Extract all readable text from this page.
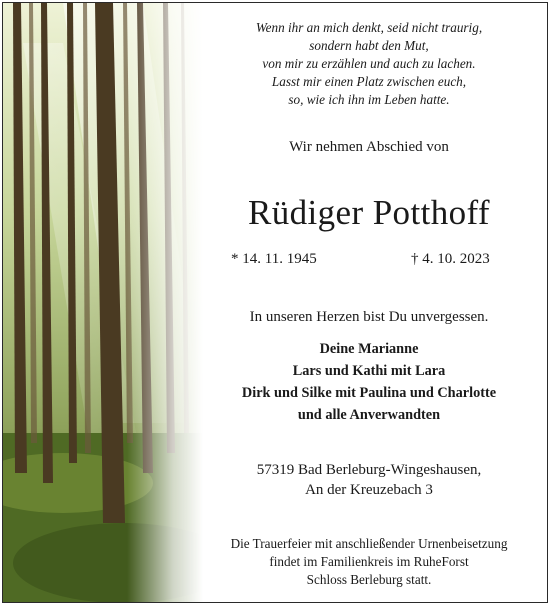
Wenn ihr an mich denkt, seid nicht traurig,
sondern habt den Mut,
von mir zu erzählen und auch zu lachen.
Lasst mir einen Platz zwischen euch,
so, wie ich ihn im Leben hatte.
Wir nehmen Abschied von
Rüdiger Potthoff
* 14. 11. 1945	† 4. 10. 2023
In unseren Herzen bist Du unvergessen.
Deine Marianne
Lars und Kathi mit Lara
Dirk und Silke mit Paulina und Charlotte
und alle Anverwandten
57319 Bad Berleburg-Wingeshausen,
An der Kreuzebach 3
Die Trauerfeier mit anschließender Urnenbeisetzung
findet im Familienkreis im RuheForst
Schloss Berleburg statt.
